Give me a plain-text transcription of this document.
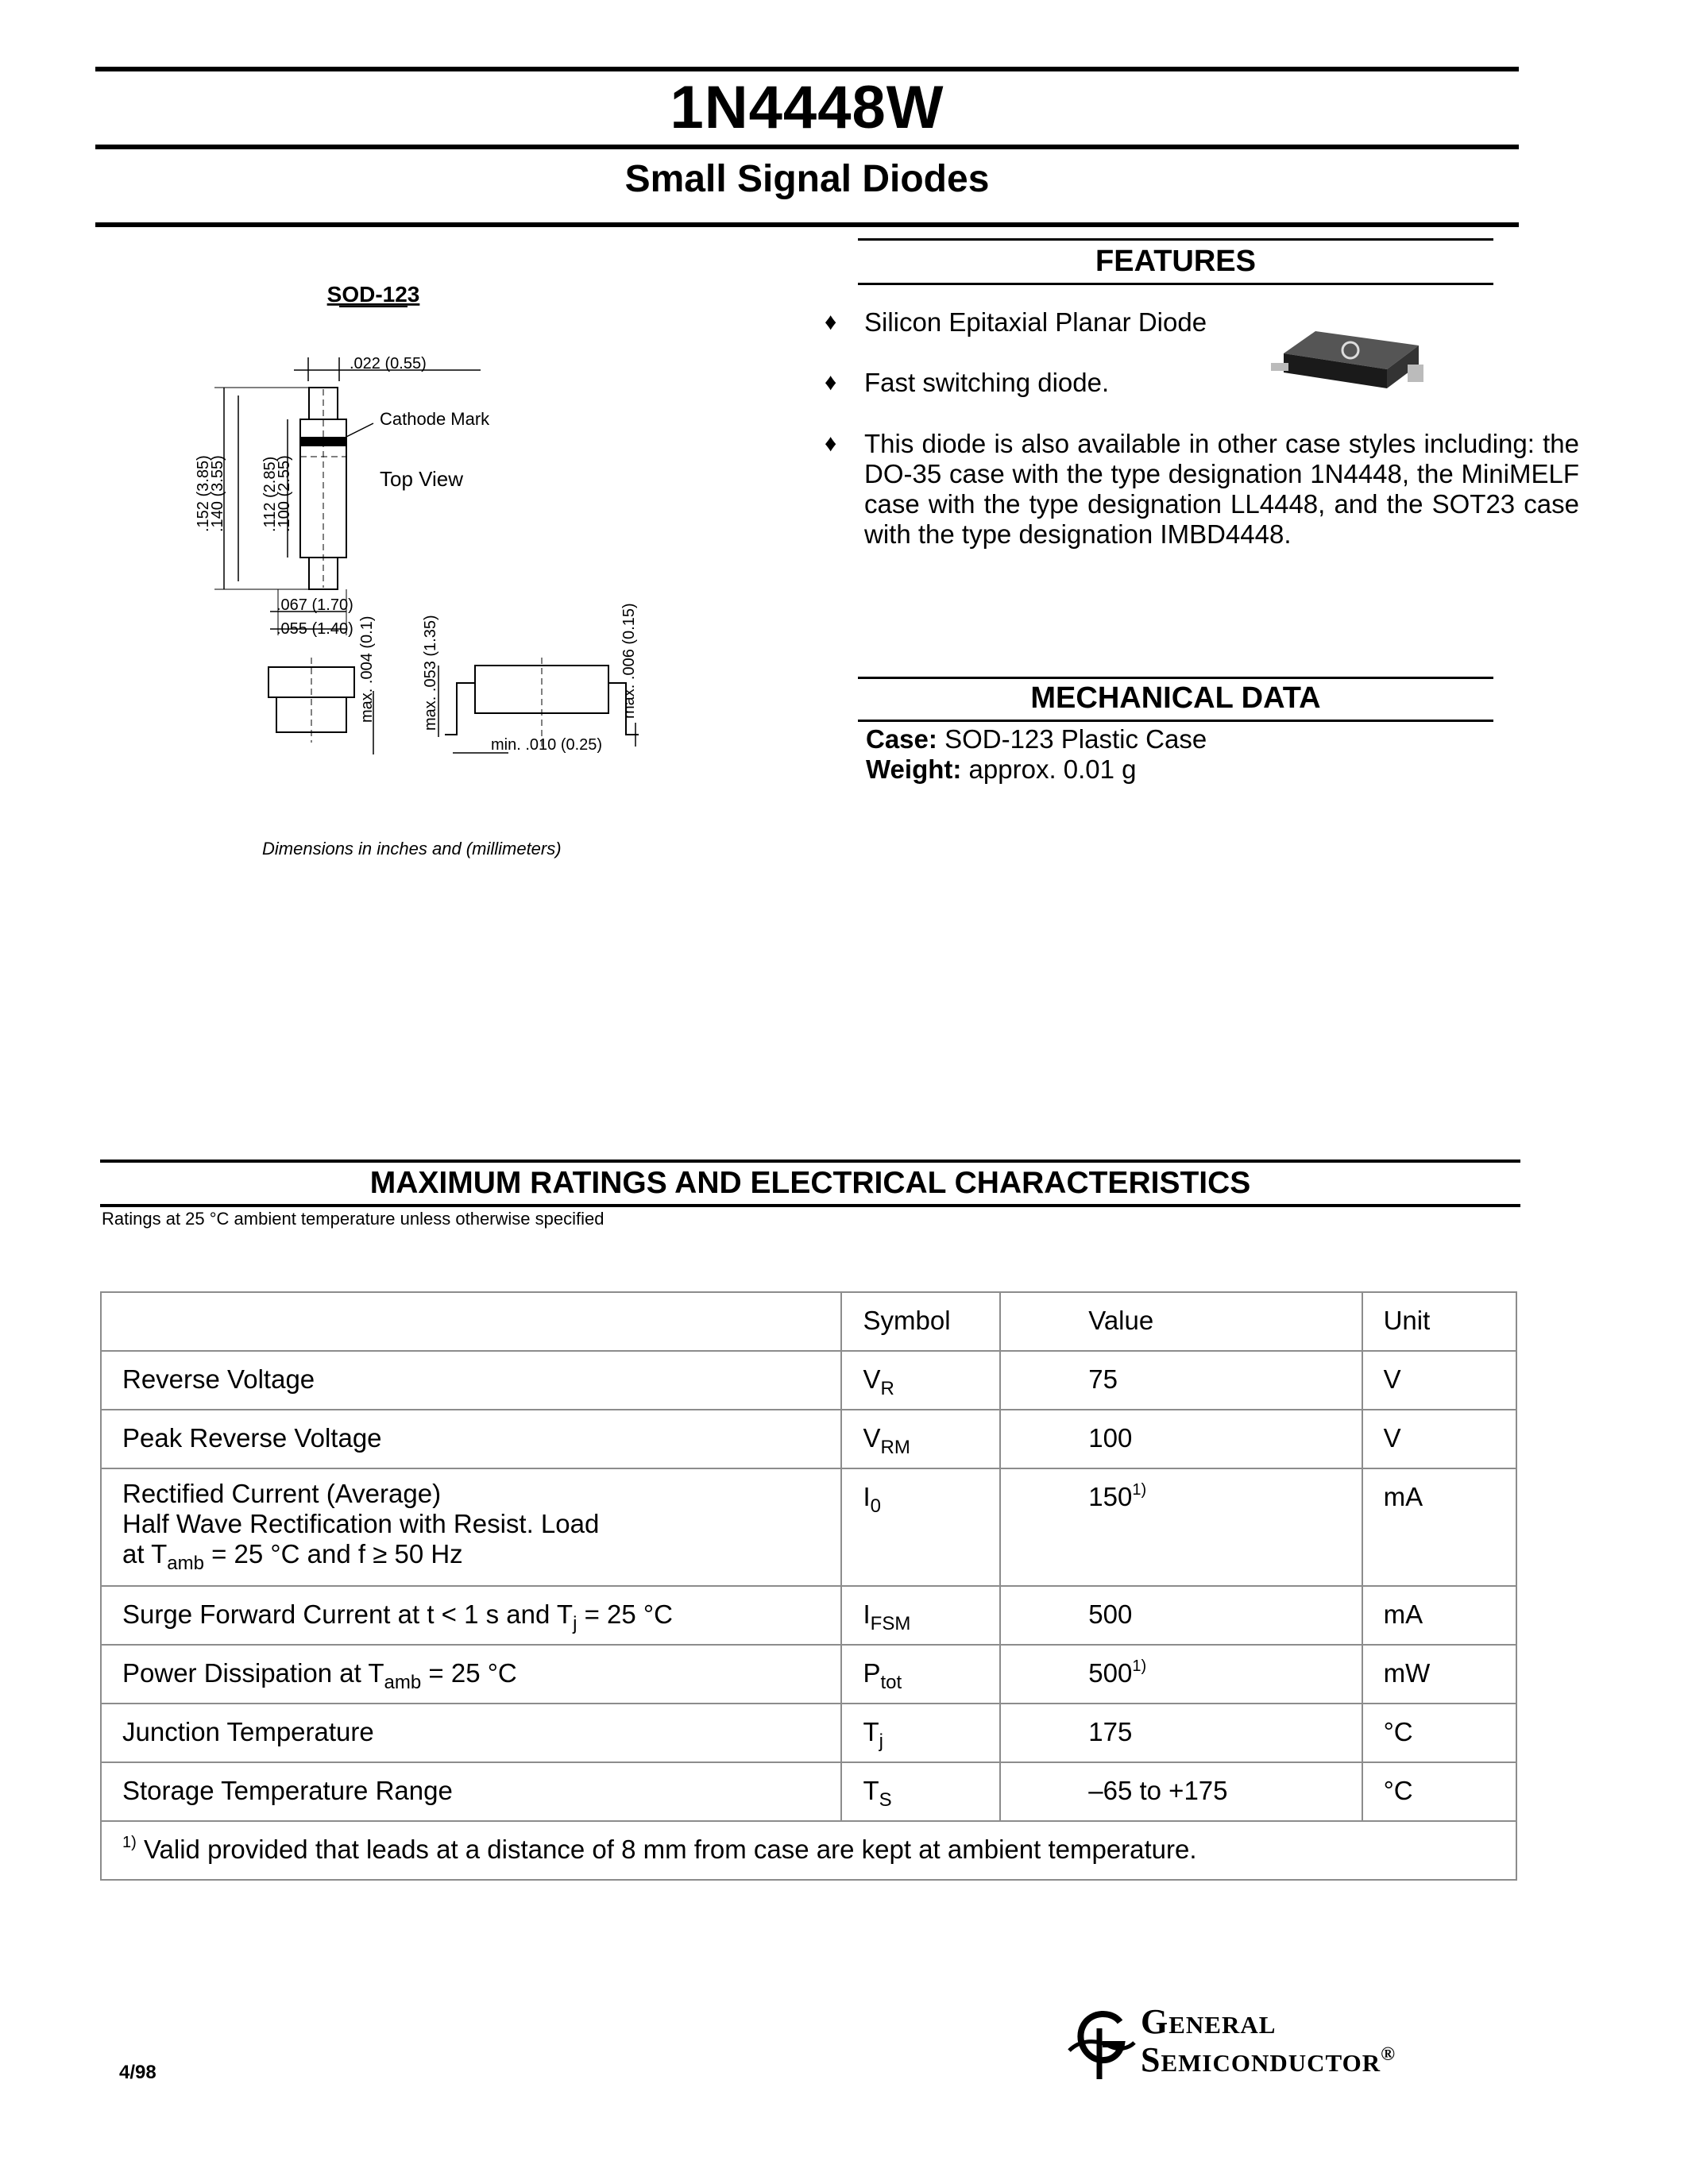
1N4448W
Small Signal Diodes
SOD-123
.022 (0.55)
Cathode Mark
Top View
.152 (3.85)
.140 (3.55) .112 (2.85)
.100 (2.55)
.067 (1.70)
.055 (1.40) max. .004 (0.1)	max. .053 (1.35)	max. .006 (0.15)
min. .010 (0.25)
Dimensions in inches and (millimeters)
FEATURES
♦ Silicon Epitaxial Planar Diode
♦ Fast switching diode.
♦ This diode is also available in other case styles including: the DO-35 case with the type designation 1N4448, the MiniMELF case with the type designation LL4448, and the SOT23 case with the type designation IMBD4448.
MECHANICAL DATA
Case: SOD-123 Plastic Case
Weight: approx. 0.01 g
MAXIMUM RATINGS AND ELECTRICAL CHARACTERISTICS
Ratings at 25 °C ambient temperature unless otherwise specified
	Symbol	Value	Unit
Reverse Voltage	$V_R$	75	V
Peak Reverse Voltage	$V_{RM}$	100	V

Rectified Current (Average)
Half Wave Rectification with Resist. Load
at $T_{amb} = 25$ °C and f ≥ 50 Hz	$I_0$	150$^{1)}$	mA
Surge Forward Current at t < 1 s and $T_j = 25$ °C	$I_{FSM}$	500	mA
Power Dissipation at $T_{amb} = 25$ °C	$P_{tot}$	500$^{1)}$	mW
Junction Temperature	$T_j$	175	°C
Storage Temperature Range	$T_S$	–65 to +175	°C
$^{1)}$ Valid provided that leads at a distance of 8 mm from case are kept at ambient temperature.			
4/98
General
Semiconductor®
